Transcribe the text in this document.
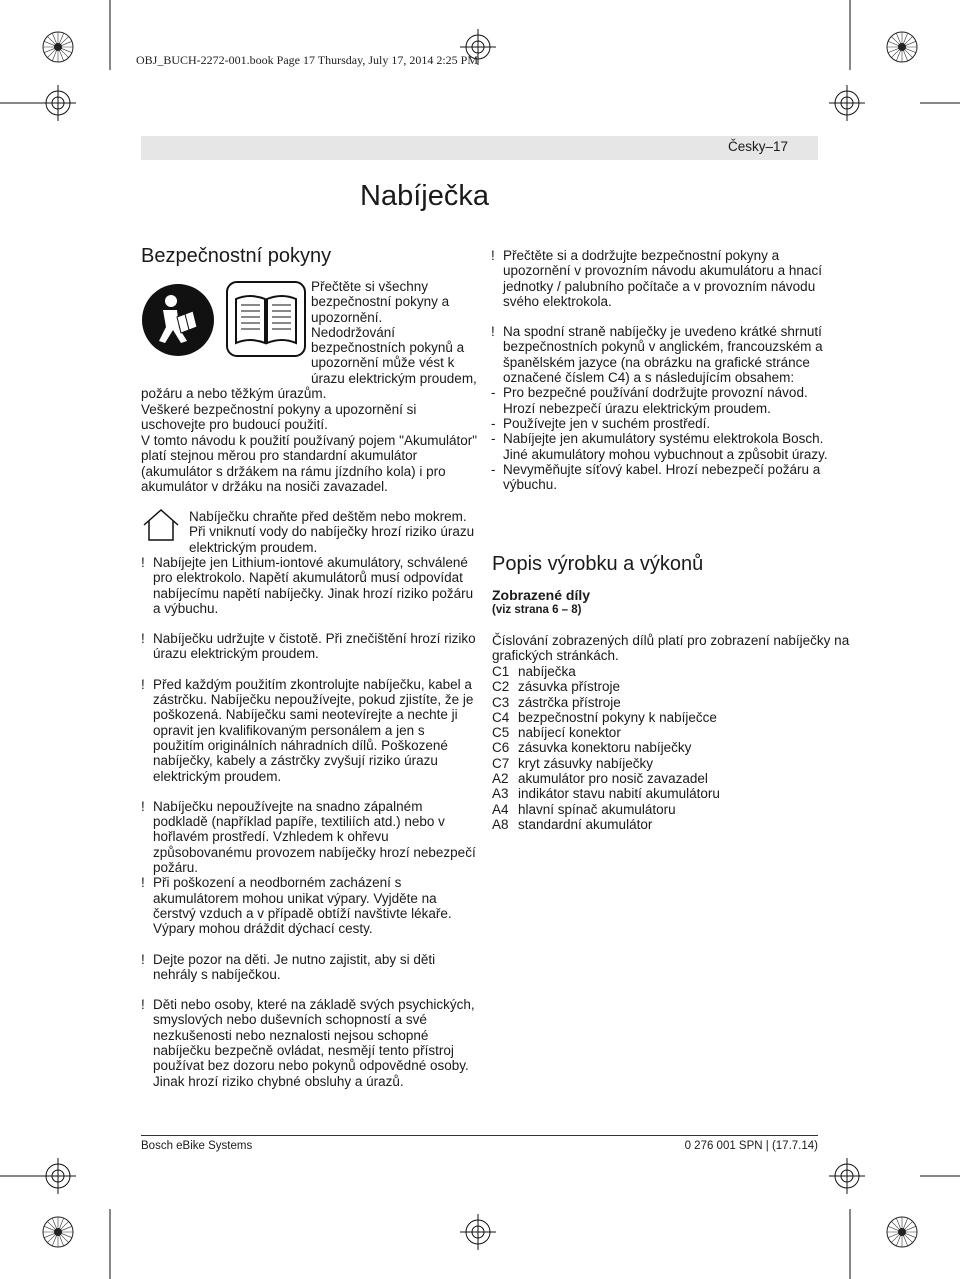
OBJ_BUCH-2272-001.book Page 17 Thursday, July 17, 2014 2:25 PM
Česky–17
Nabíječka
Bezpečnostní pokyny
Přečtěte si všechny
bezpečnostní pokyny a
upozornění.
Nedodržování
bezpečnostních pokynů a
upozornění může vést k
úrazu elektrickým proudem,
požáru a nebo těžkým úrazům.
Veškeré bezpečnostní pokyny a upozornění si
uschovejte pro budoucí použití.
V tomto návodu k použití používaný pojem "Akumulátor"
platí stejnou měrou pro standardní akumulátor
(akumulátor s držákem na rámu jízdního kola) i pro
akumulátor v držáku na nosiči zavazadel.
Nabíječku chraňte před deštěm nebo mokrem.
Při vniknutí vody do nabíječky hrozí riziko úrazu
elektrickým proudem.
! Nabíjejte jen Lithium-iontové akumulátory, schválené
pro elektrokolo. Napětí akumulátorů musí odpovídat
nabíjecímu napětí nabíječky. Jinak hrozí riziko požáru
a výbuchu.
! Nabíječku udržujte v čistotě. Při znečištění hrozí riziko
úrazu elektrickým proudem.
! Před každým použitím zkontrolujte nabíječku, kabel a
zástrčku. Nabíječku nepoužívejte, pokud zjistíte, že je
poškozená. Nabíječku sami neotevírejte a nechte ji
opravit jen kvalifikovaným personálem a jen s
použitím originálních náhradních dílů. Poškozené
nabíječky, kabely a zástrčky zvyšují riziko úrazu
elektrickým proudem.
! Nabíječku nepoužívejte na snadno zápalném
podkladě (například papíře, textiliích atd.) nebo v
hořlavém prostředí. Vzhledem k ohřevu
způsobovanému provozem nabíječky hrozí nebezpečí
požáru.
! Při poškození a neodborném zacházení s
akumulátorem mohou unikat výpary. Vyjděte na
čerstvý vzduch a v případě obtíží navštivte lékaře.
Výpary mohou dráždit dýchací cesty.
! Dejte pozor na děti. Je nutno zajistit, aby si děti
nehrály s nabíječkou.
! Děti nebo osoby, které na základě svých psychických,
smyslových nebo duševních schopností a své
nezkušenosti nebo neznalosti nejsou schopné
nabíječku bezpečně ovládat, nesmějí tento přístroj
používat bez dozoru nebo pokynů odpovědné osoby.
Jinak hrozí riziko chybné obsluhy a úrazů.
! Přečtěte si a dodržujte bezpečnostní pokyny a
upozornění v provozním návodu akumulátoru a hnací
jednotky / palubního počítače a v provozním návodu
svého elektrokola.
! Na spodní straně nabíječky je uvedeno krátké shrnutí
bezpečnostních pokynů v anglickém, francouzském a
španělském jazyce (na obrázku na grafické stránce
označené číslem C4) a s následujícím obsahem:
- Pro bezpečné používání dodržujte provozní návod.
Hrozí nebezpečí úrazu elektrickým proudem.
- Používejte jen v suchém prostředí.
- Nabíjejte jen akumulátory systému elektrokola Bosch.
Jiné akumulátory mohou vybuchnout a způsobit úrazy.
- Nevyměňujte síťový kabel. Hrozí nebezpečí požáru a
výbuchu.
Popis výrobku a výkonů
Zobrazené díly
(viz strana 6 – 8)
Číslování zobrazených dílů platí pro zobrazení nabíječky na
grafických stránkách.
C1 nabíječka
C2 zásuvka přístroje
C3 zástrčka přístroje
C4 bezpečnostní pokyny k nabíječce
C5 nabíjecí konektor
C6 zásuvka konektoru nabíječky
C7 kryt zásuvky nabíječky
A2 akumulátor pro nosič zavazadel
A3 indikátor stavu nabití akumulátoru
A4 hlavní spínač akumulátoru
A8 standardní akumulátor
Bosch eBike Systems	0 276 001 SPN | (17.7.14)
